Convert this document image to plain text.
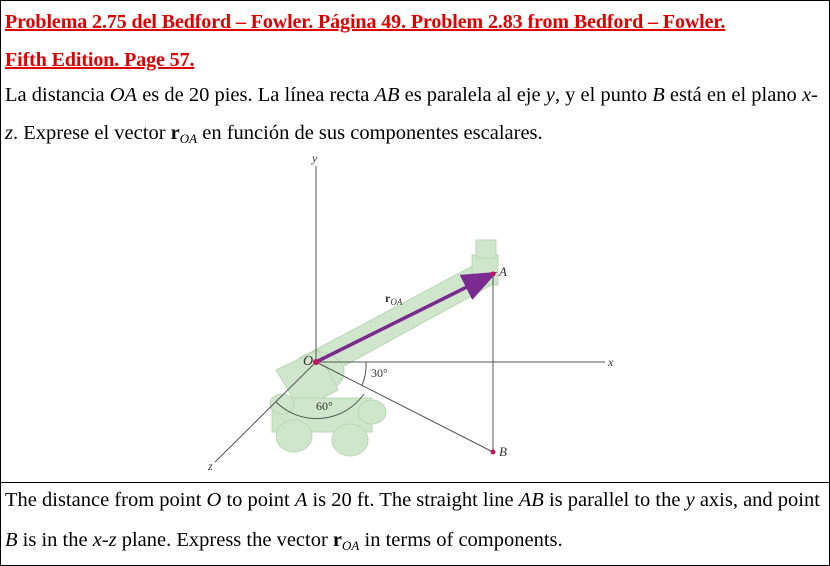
Problema 2.75 del Bedford – Fowler. Página 49. Problem 2.83 from Bedford – Fowler.
Fifth Edition. Page 57.
La distancia OA es de 20 pies. La línea recta AB es paralela al eje y, y el punto B está en el plano x-z. Exprese el vector $r_{OA}$ en función de sus componentes escalares.
y
x
z
O
A
B
$r_{OA}$
30°
60°
The distance from point O to point A is 20 ft. The straight line AB is parallel to the y axis, and point B is in the x-z plane. Express the vector $r_{OA}$ in terms of components.
